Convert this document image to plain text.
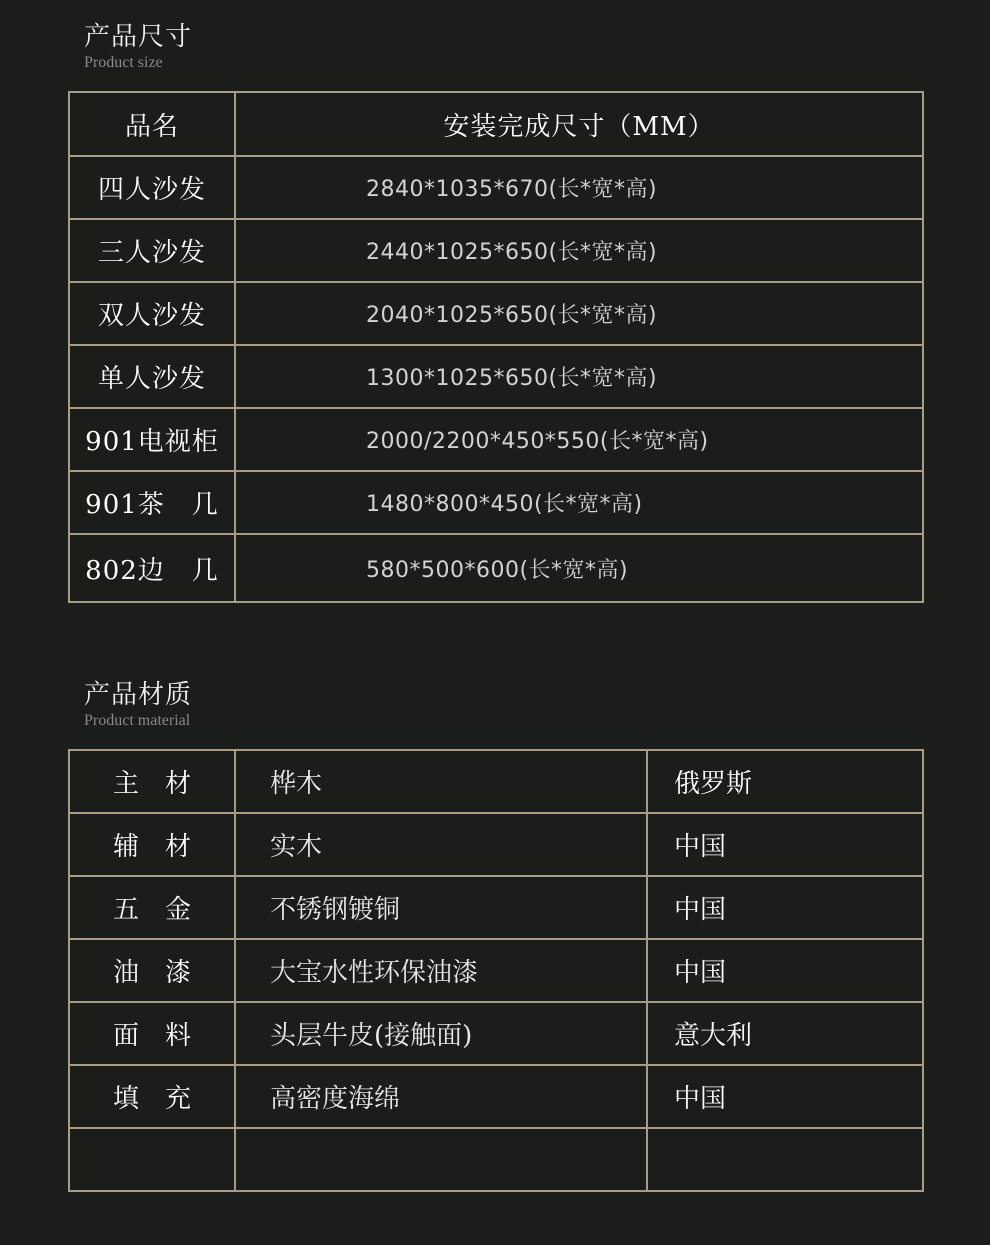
产品尺寸
Product size
品名	安装完成尺寸（MM）
四人沙发	2840*1035*670(长*宽*高)
三人沙发	2440*1025*650(长*宽*高)
双人沙发	2040*1025*650(长*宽*高)
单人沙发	1300*1025*650(长*宽*高)
901电视柜	2000/2200*450*550(长*宽*高)
901茶　几	1480*800*450(长*宽*高)
802边　几	580*500*600(长*宽*高)
产品材质
Product material
主 材	桦木	俄罗斯
辅 材	实木	中国
五 金	不锈钢镀铜	中国
油 漆	大宝水性环保油漆	中国
面 料	头层牛皮(接触面)	意大利
填 充	高密度海绵	中国
